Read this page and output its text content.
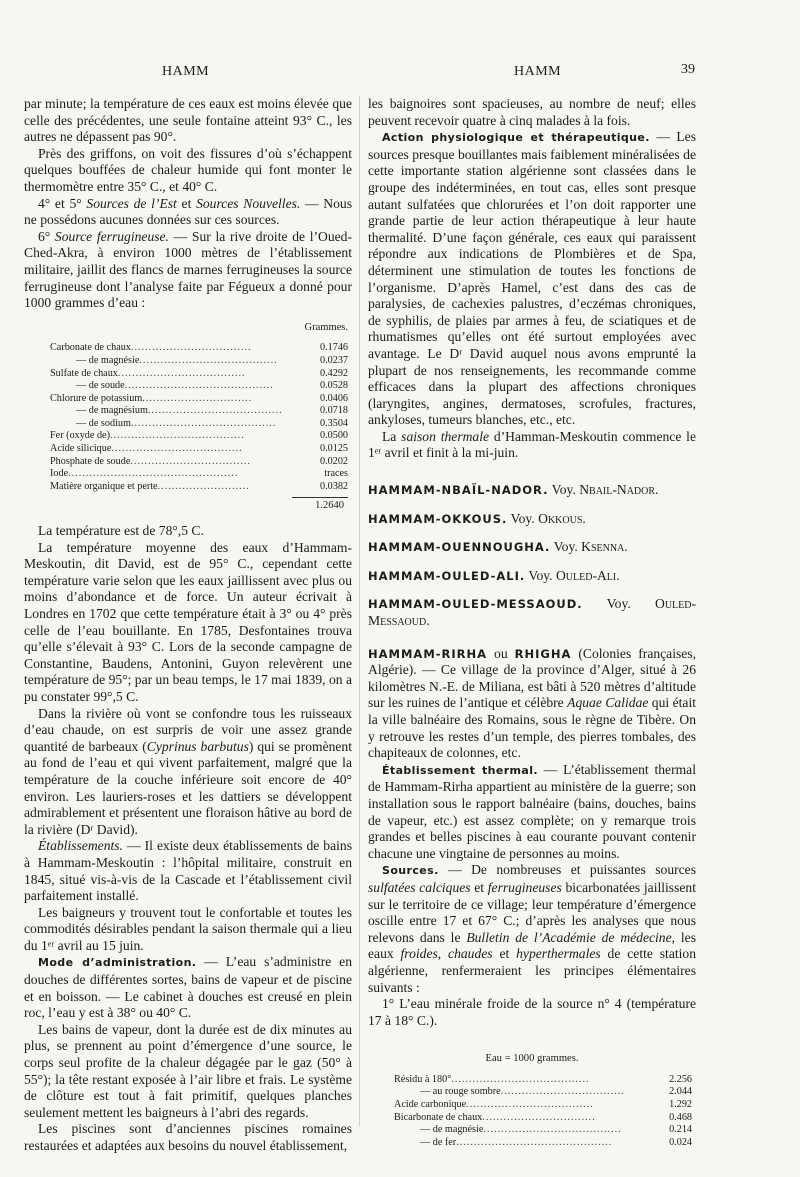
HAMM	HAMM	39

par minute; la température de ces eaux est moins élevée que celle des précédentes, une seule fontaine atteint 93° C., les autres ne dépassent pas 90°.

Près des griffons, on voit des fissures d’où s’échappent quelques bouffées de chaleur humide qui font monter le thermomètre entre 35° C., et 40° C.

4° et 5° Sources de l’Est et Sources Nouvelles. — Nous ne possédons aucunes données sur ces sources.

6° Source ferrugineuse. — Sur la rive droite de l’Oued-Ched-Akra, à environ 1000 mètres de l’établissement militaire, jaillit des flancs de marnes ferrugineuses la source ferrugineuse dont l’analyse faite par Fégueux a donné pour 1000 grammes d’eau :

Grammes.
Carbonate de chaux..................................	0.1746
— de magnésie.......................................	0.0237
Sulfate de chaux....................................	0.4292
— de soude..........................................	0.0528
Chlorure de potassium...............................	0.0406
— de magnésium......................................	0.0718
— de sodium.........................................	0.3504
Fer (oxyde de)......................................	0.0500
Acide silicique.....................................	0.0125
Phosphate de soude..................................	0.0202
Iode................................................	traces
Matière organique et perte..........................	0.0382
1.2640

La température est de 78°,5 C.

La température moyenne des eaux d’Hammam-Meskoutin, dit David, est de 95° C., cependant cette température varie selon que les eaux jaillissent avec plus ou moins d’abondance et de force. Un auteur écrivait à Londres en 1702 que cette température était à 3° ou 4° près celle de l’eau bouillante. En 1785, Desfontaines trouva qu’elle s’élevait à 93° C. Lors de la seconde campagne de Constantine, Baudens, Antonini, Guyon relevèrent une température de 95°; par un beau temps, le 17 mai 1839, on a pu constater 99°,5 C.

Dans la rivière où vont se confondre tous les ruisseaux d’eau chaude, on est surpris de voir une assez grande quantité de barbeaux (Cyprinus barbutus) qui se promènent au fond de l’eau et qui vivent parfaitement, malgré que la température de la couche inférieure soit encore de 40° environ. Les lauriers-roses et les dattiers se développent admirablement et présentent une floraison hâtive au bord de la rivière (Dʳ David).

Établissements. — Il existe deux établissements de bains à Hammam-Meskoutin : l’hôpital militaire, construit en 1845, situé vis-à-vis de la Cascade et l’établissement civil parfaitement installé.

Les baigneurs y trouvent tout le confortable et toutes les commodités désirables pendant la saison thermale qui a lieu du 1ᵉʳ avril au 15 juin.

Mode d’administration. — L’eau s’administre en douches de différentes sortes, bains de vapeur et de piscine et en boisson. — Le cabinet à douches est creusé en plein roc, l’eau y est à 38° ou 40° C.

Les bains de vapeur, dont la durée est de dix minutes au plus, se prennent au point d’émergence d’une source, le corps seul profite de la chaleur dégagée par le gaz (50° à 55°); la tête restant exposée à l’air libre et frais. Le système de clôture est tout à fait primitif, quelques planches seulement mettent les baigneurs à l’abri des regards.

Les piscines sont d’anciennes piscines romaines restaurées et adaptées aux besoins du nouvel établissement,

les baignoires sont spacieuses, au nombre de neuf; elles peuvent recevoir quatre à cinq malades à la fois.

Action physiologique et thérapeutique. — Les sources presque bouillantes mais faiblement minéralisées de cette importante station algérienne sont classées dans le groupe des indéterminées, en tout cas, elles sont presque autant sulfatées que chlorurées et l’on doit rapporter une grande partie de leur action thérapeutique à leur haute thermalité. D’une façon générale, ces eaux qui paraissent répondre aux indications de Plombières et de Spa, déterminent une stimulation de toutes les fonctions de l’organisme. D’après Hamel, c’est dans des cas de paralysies, de cachexies palustres, d’eczémas chroniques, de syphilis, de plaies par armes à feu, de sciatiques et de rhumatismes qu’elles ont été surtout employées avec avantage. Le Dʳ David auquel nous avons emprunté la plupart de nos renseignements, les recommande comme efficaces dans la plupart des affections chroniques (laryngites, angines, dermatoses, scrofules, fractures, ankyloses, tumeurs blanches, etc., etc.

La saison thermale d’Hamman-Meskoutin commence le 1ᵉʳ avril et finit à la mi-juin.

HAMMAM-NBAÏL-NADOR. Voy. Nbail-Nador.

HAMMAM-OKKOUS. Voy. Okkous.

HAMMAM-OUENNOUGHA. Voy. Ksenna.

HAMMAM-OULED-ALI. Voy. Ouled-Ali.

HAMMAM-OULED-MESSAOUD. Voy. Ouled-Messaoud.

HAMMAM-RIRHA ou RHIGHA (Colonies françaises, Algérie). — Ce village de la province d’Alger, situé à 26 kilomètres N.-E. de Miliana, est bâti à 520 mètres d’altitude sur les ruines de l’antique et célèbre Aquae Calidae qui était la ville balnéaire des Romains, sous le règne de Tibère. On y retrouve les restes d’un temple, des pierres tombales, des chapiteaux de colonnes, etc.

Établissement thermal. — L’établissement thermal de Hammam-Rirha appartient au ministère de la guerre; son installation sous le rapport balnéaire (bains, douches, bains de vapeur, etc.) est assez complète; on y remarque trois grandes et belles piscines à eau courante pouvant contenir chacune une vingtaine de personnes au moins.

Sources. — De nombreuses et puissantes sources sulfatées calciques et ferrugineuses bicarbonatées jaillissent sur le territoire de ce village; leur température d’émergence oscille entre 17 et 67° C.; d’après les analyses que nous relevons dans le Bulletin de l’Académie de médecine, les eaux froides, chaudes et hyperthermales de cette station algérienne, renfermeraient les principes élémentaires suivants :

1° L’eau minérale froide de la source n° 4 (température 17 à 18° C.).

Eau = 1000 grammes.

Résidu à 180°.......................................	2.256
— au rouge sombre...................................	2.044
Acide carbonique....................................	1.292
Bicarbonate de chaux................................	0.468
— de magnésie.......................................	0.214
— de fer............................................	0.024
